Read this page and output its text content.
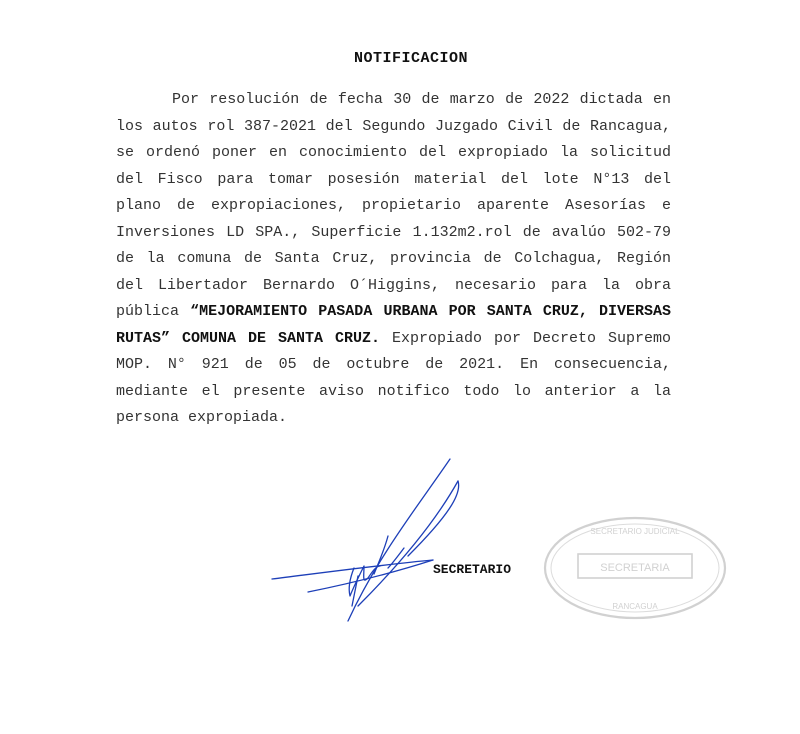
NOTIFICACION
Por resolución de fecha 30 de marzo de 2022 dictada en los autos rol 387-2021 del Segundo Juzgado Civil de Rancagua, se ordenó poner en conocimiento del expropiado la solicitud del Fisco para tomar posesión material del lote N°13 del plano de expropiaciones, propietario aparente Asesorías e Inversiones LD SPA., Superficie 1.132m2.rol de avalúo 502-79 de la comuna de Santa Cruz, provincia de Colchagua, Región del Libertador Bernardo O´Higgins, necesario para la obra pública “MEJORAMIENTO PASADA URBANA POR SANTA CRUZ, DIVERSAS RUTAS” COMUNA DE SANTA CRUZ. Expropiado por Decreto Supremo MOP. N° 921 de 05 de octubre de 2021. En consecuencia, mediante el presente aviso notifico todo lo anterior a la persona expropiada.
SECRETARIO
SECRETARIO JUDICIAL
SECRETARIA
RANCAGUA
